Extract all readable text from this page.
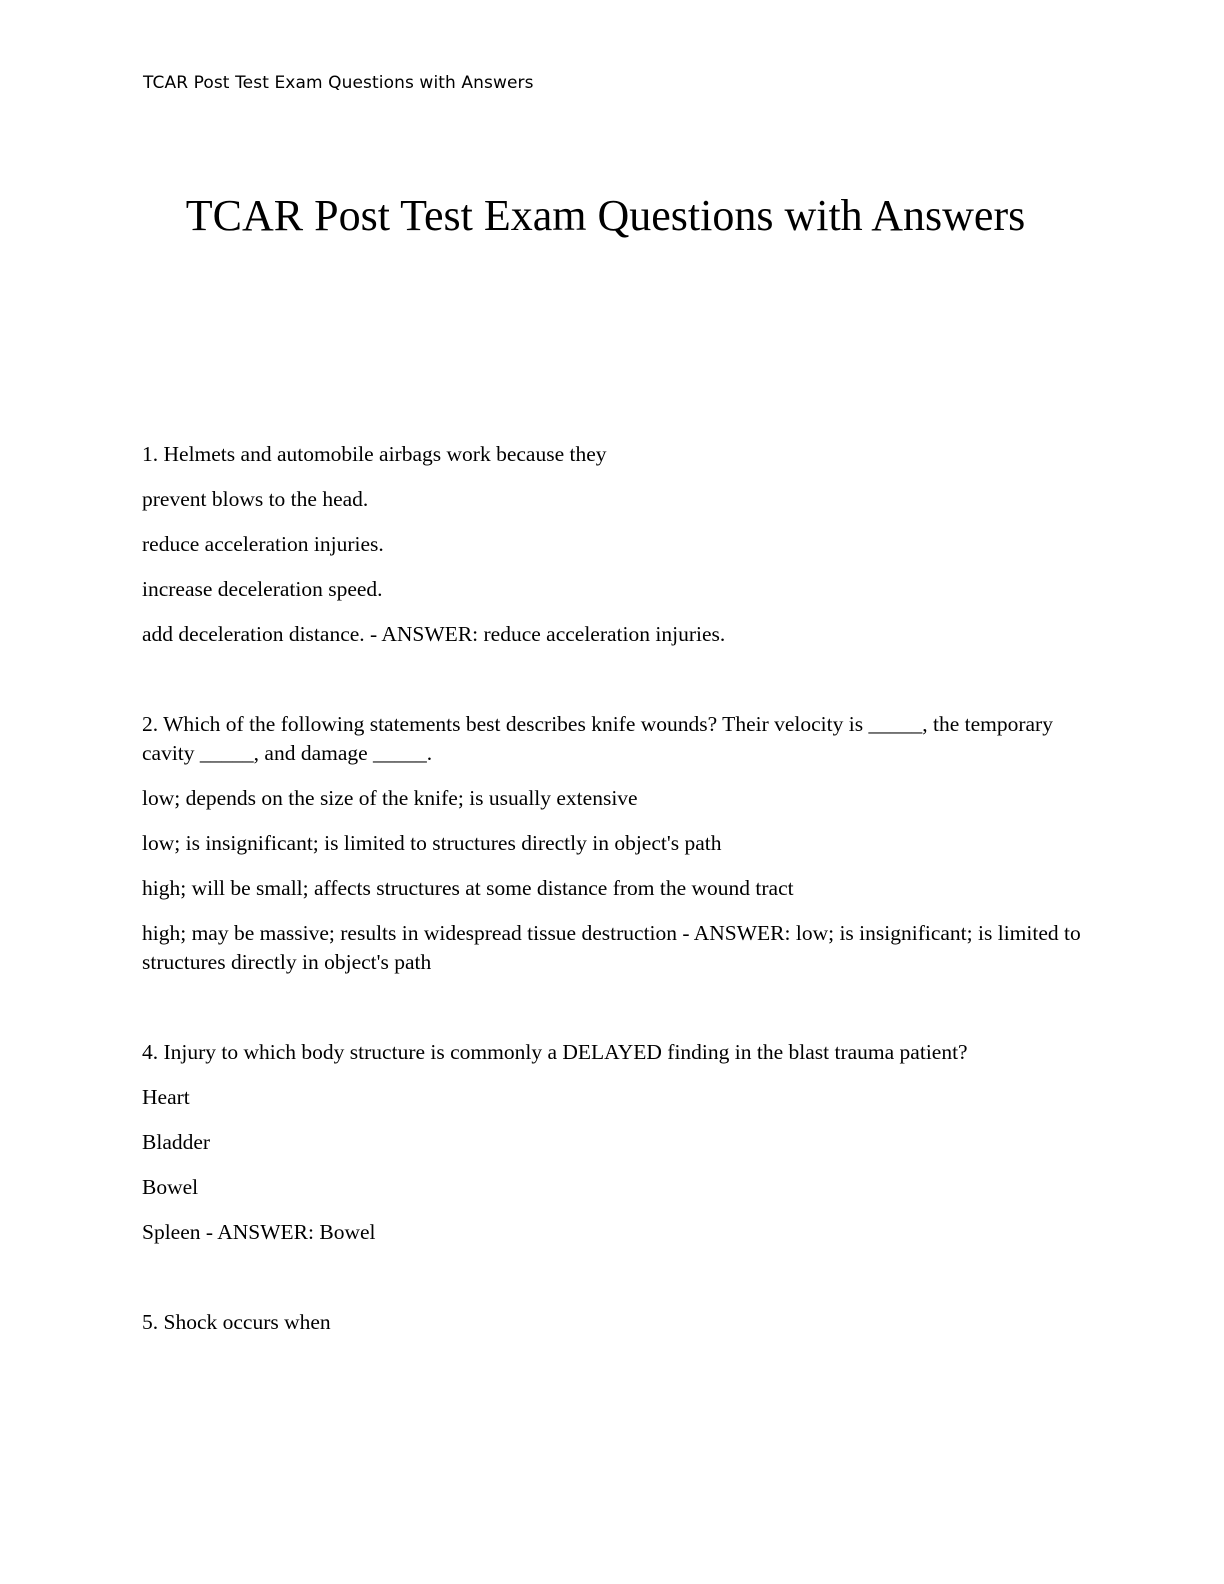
TCAR Post Test Exam Questions with Answers
TCAR Post Test Exam Questions with Answers

1. Helmets and automobile airbags work because they

prevent blows to the head.

reduce acceleration injuries.

increase deceleration speed.

add deceleration distance. - ANSWER: reduce acceleration injuries.

2. Which of the following statements best describes knife wounds? Their velocity is _____, the temporary cavity _____, and damage _____.

low; depends on the size of the knife; is usually extensive

low; is insignificant; is limited to structures directly in object's path

high; will be small; affects structures at some distance from the wound tract

high; may be massive; results in widespread tissue destruction - ANSWER: low; is insignificant; is limited to structures directly in object's path

4. Injury to which body structure is commonly a DELAYED finding in the blast trauma patient?

Heart

Bladder

Bowel

Spleen - ANSWER: Bowel

5. Shock occurs when
